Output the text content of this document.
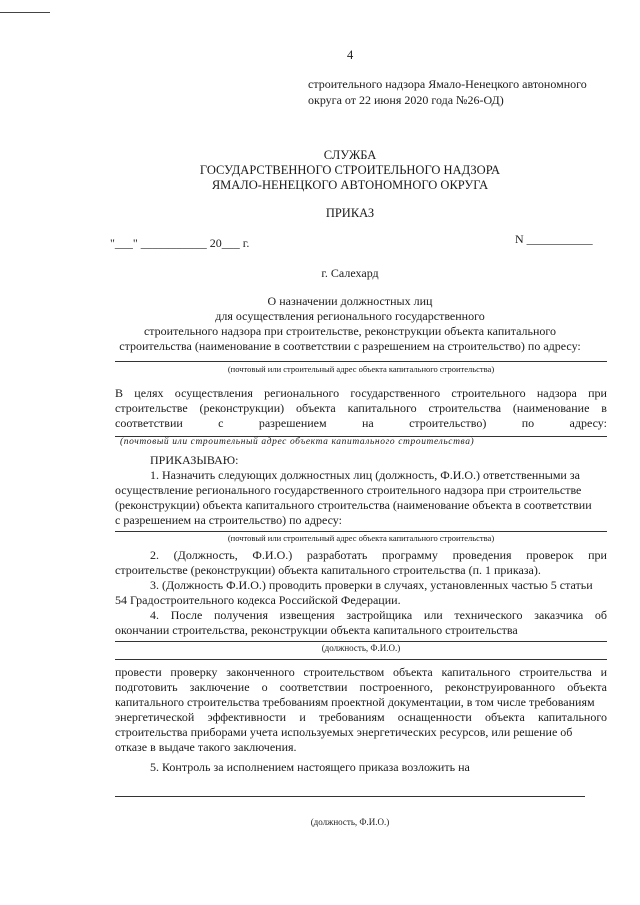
4
строительного надзора Ямало-Ненецкого автономного
округа от 22 июня 2020 года №26-ОД)
СЛУЖБА
ГОСУДАРСТВЕННОГО СТРОИТЕЛЬНОГО НАДЗОРА
ЯМАЛО-НЕНЕЦКОГО АВТОНОМНОГО ОКРУГА
ПРИКАЗ
"___" ___________ 20___ г.	N ___________
г. Салехард
О назначении должностных лиц
для осуществления регионального государственного
строительного надзора при строительстве, реконструкции объекта капитального
строительства (наименование в соответствии с разрешением на строительство) по адресу:
(почтовый или строительный адрес объекта капитального строительства)
В целях осуществления регионального государственного строительного надзора при
строительстве (реконструкции) объекта капитального строительства (наименование в
соответствии	с	разрешением	на	строительство)	по	адресу:
(почтовый или строительный адрес объекта капитального строительства)
ПРИКАЗЫВАЮ:
1. Назначить следующих должностных лиц (должность, Ф.И.О.) ответственными за
осуществление регионального государственного строительного надзора при строительстве
(реконструкции) объекта капитального строительства (наименование объекта в соответствии
с разрешением на строительство) по адресу:
(почтовый или строительный адрес объекта капитального строительства)
2. (Должность, Ф.И.О.) разработать программу проведения проверок при
строительстве (реконструкции) объекта капитального строительства (п. 1 приказа).
3. (Должность Ф.И.О.) проводить проверки в случаях, установленных частью 5 статьи
54 Градостроительного кодекса Российской Федерации.
4. После получения извещения застройщика или технического заказчика об
окончании строительства, реконструкции объекта капитального строительства
(должность, Ф.И.О.)
провести проверку законченного строительством объекта капитального строительства и
подготовить заключение о соответствии построенного, реконструированного объекта
капитального строительства требованиям проектной документации, в том числе требованиям
энергетической эффективности и требованиям оснащенности объекта капитального
строительства приборами учета используемых энергетических ресурсов, или решение об
отказе в выдаче такого заключения.
5. Контроль за исполнением настоящего приказа возложить на
(должность, Ф.И.О.)
